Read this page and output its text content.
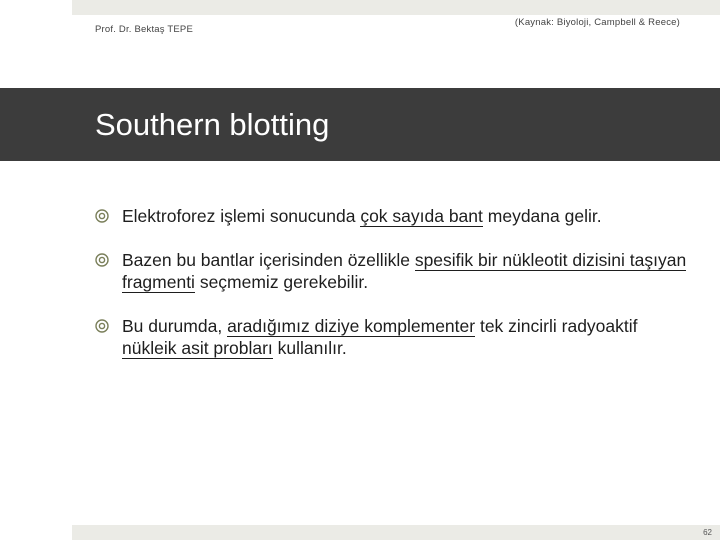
Prof. Dr. Bektaş TEPE
(Kaynak: Biyoloji, Campbell & Reece)
Southern blotting
Elektroforez işlemi sonucunda çok sayıda bant meydana gelir.
Bazen bu bantlar içerisinden özellikle spesifik bir nükleotit dizisini taşıyan fragmenti seçmemiz gerekebilir.
Bu durumda, aradığımız diziye komplementer tek zincirli radyoaktif nükleik asit probları kullanılır.
62
